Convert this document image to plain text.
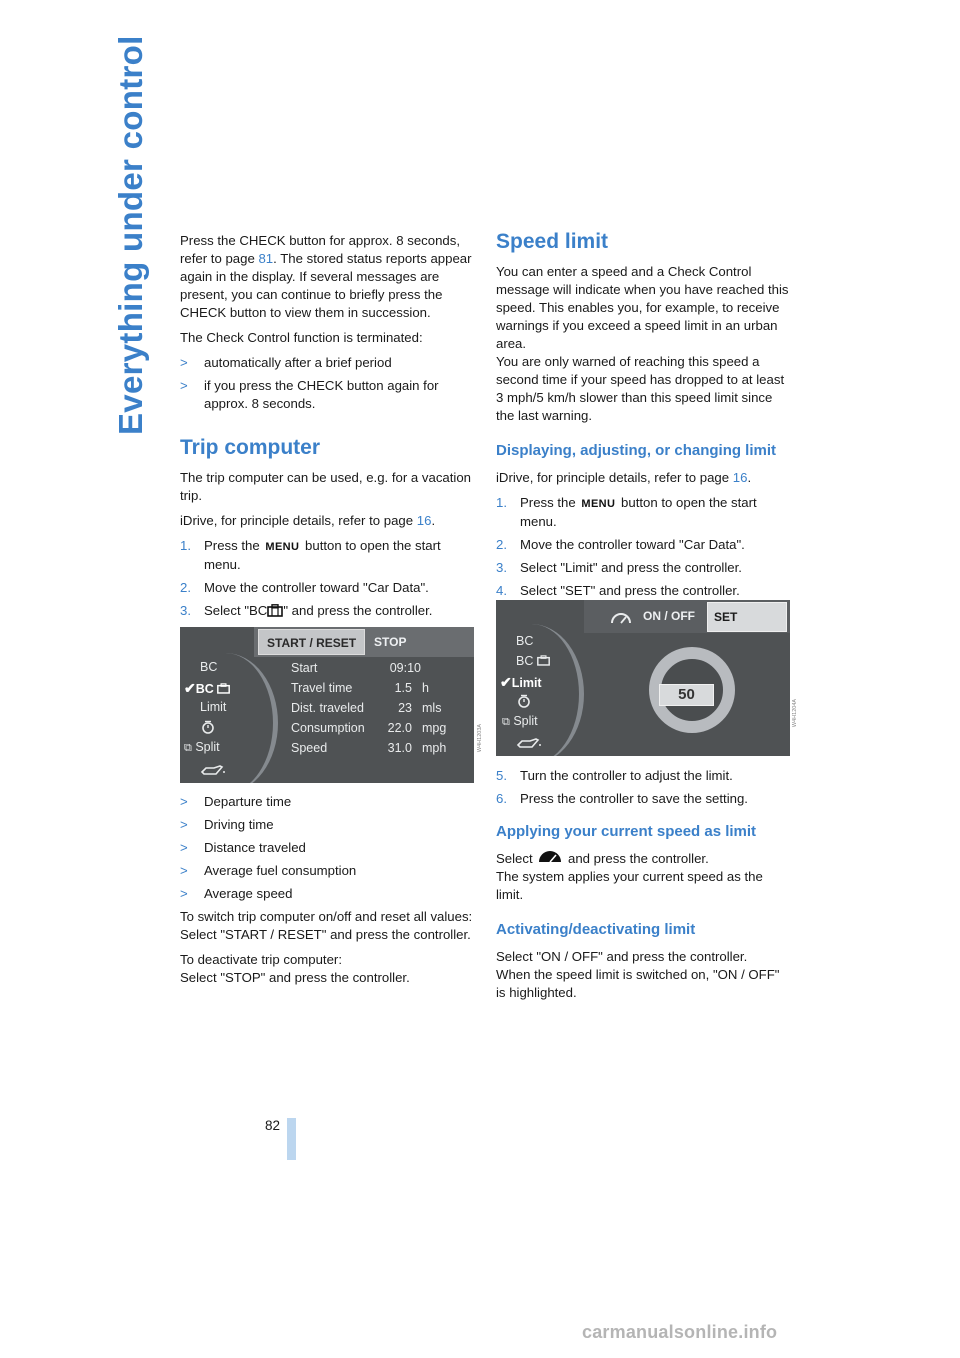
Everything under control Press the CHECK button for approx. 8 seconds, refer to page 81. The stored status reports appear again in the display. If several messages are present, you can continue to briefly press the CHECK button to view them in succession.

The Check Control function is terminated:

> automatically after a brief period
> if you press the CHECK button again for approx. 8 seconds.
Trip computer

The trip computer can be used, e.g. for a vacation trip.

iDrive, for principle details, refer to page 16.

1. Press the MENU button to open the start menu.
2. Move the controller toward "Car Data".
3. Select "BC " and press the controller.
START / RESET STOP
BC
✔BC
Limit
⧉ Split
Start
Travel time
Dist. traveled
Consumption
Speed
09:10
1.5
23
22.0
31.0
h
mls
mpg
mph	W4H1203A
> Departure time
> Driving time
> Distance traveled
> Average fuel consumption
> Average speed

To switch trip computer on/off and reset all values:
Select "START / RESET" and press the controller.

To deactivate trip computer:
Select "STOP" and press the controller.

Speed limit

You can enter a speed and a Check Control message will indicate when you have reached this speed. This enables you, for example, to receive warnings if you exceed a speed limit in an urban area.

You are only warned of reaching this speed a second time if your speed has dropped to at least 3 mph/5 km/h slower than this speed limit since the last warning.

Displaying, adjusting, or changing limit

iDrive, for principle details, refer to page 16.

1. Press the MENU button to open the start menu.
2. Move the controller toward "Car Data".
3. Select "Limit" and press the controller.
4. Select "SET" and press the controller.
ON / OFF SET
BC
BC
✔Limit
⧉ Split
50
W4H1204A
5. Turn the controller to adjust the limit.
6. Press the controller to save the setting.
Applying your current speed as limit

Select  and press the controller.
The system applies your current speed as the limit.

Activating/deactivating limit

Select "ON / OFF" and press the controller.
When the speed limit is switched on, "ON / OFF" is highlighted.

82
carmanualsonline.info
